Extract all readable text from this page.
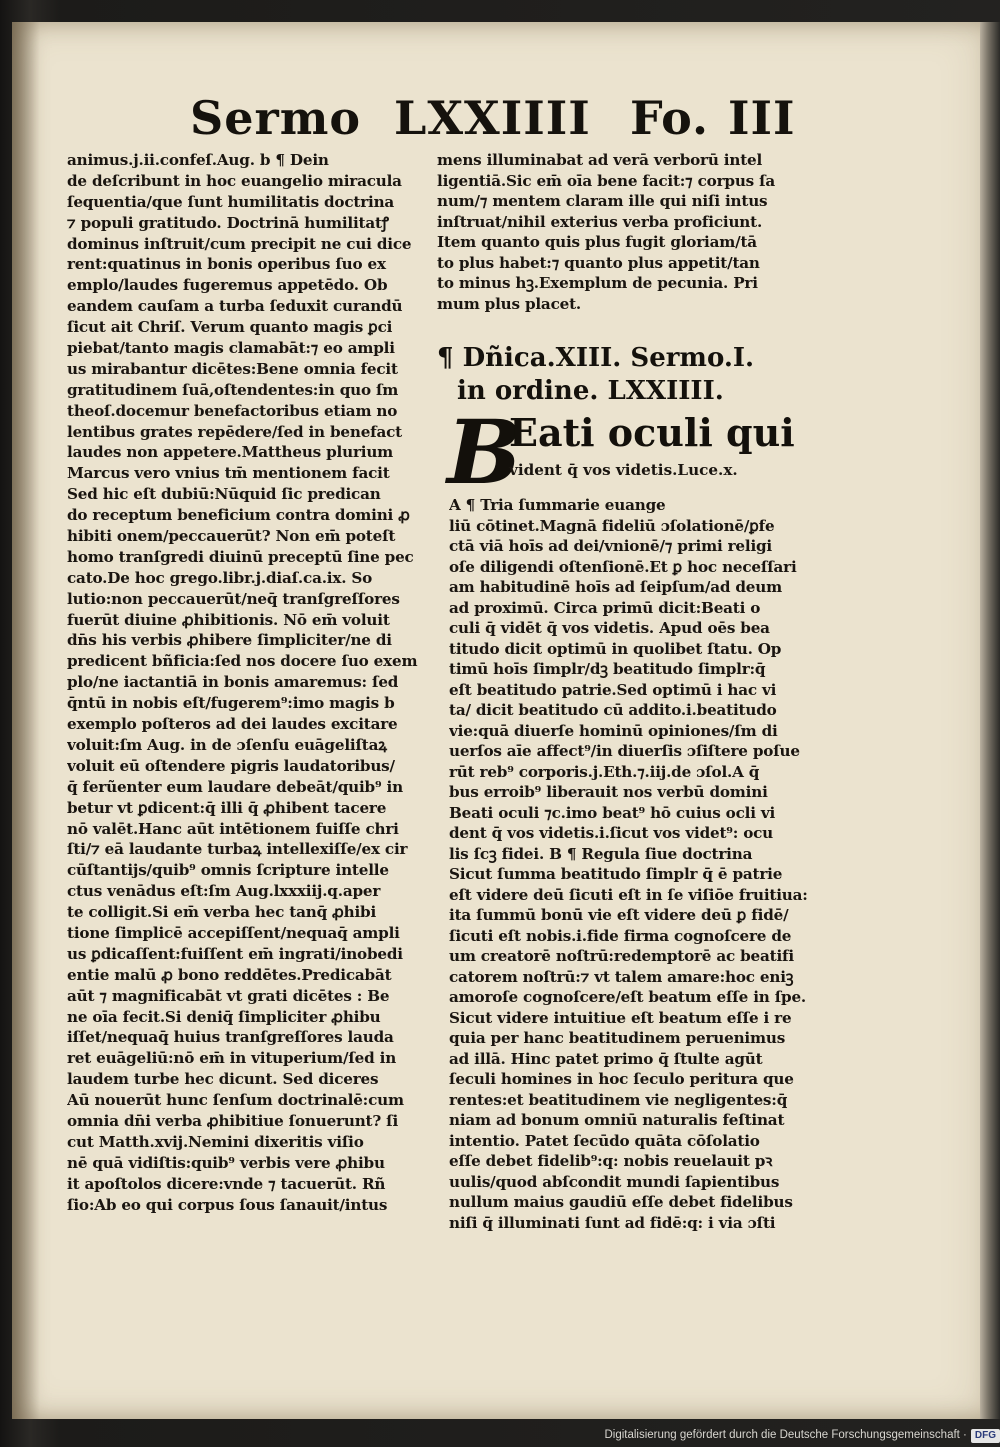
Sermo LXXIIII Fo. III
animus.j.ii.confeſ.Aug. b ¶ Dein
de deſcribunt in hoc euangelio miracula
ſequentia/que ſunt humilitatis doctrina
⁊ populi gratitudo. Doctrinā humilitatꝭ
dominus inſtruit/cum precipit ne cui dice
rent:quatinus in bonis operibus ſuo ex
emplo/laudes fugeremus appetēdo. Ob
eandem cauſam a turba ſeduxit curandū
ſicut ait Chriſ. Verum quanto magis ꝑci
piebat/tanto magis clamabāt:⁊ eo ampli
us mirabantur dicētes:Bene omnia fecit
gratitudinem ſuā,oſtendentes:in quo ſm
theoſ.docemur benefactoribus etiam no
lentibus grates repēdere/ſed in benefact
laudes non appetere.Mattheus plurium
Marcus vero vnius tm̄ mentionem facit
Sed hic eſt dubiū:Nūquid ſic predican
do receptum beneficium contra domini ꝓ
hibiti onem/peccauerūt? Non em̄ poteſt
homo tranſgredi diuinū preceptū ſine pec
cato.De hoc grego.libr.j.diaſ.ca.ix. So
lutio:non peccauerūt/neq̄ tranſgreſſores
fuerūt diuine ꝓhibitionis. Nō em̄ voluit
dn̄s his verbis ꝓhibere ſimpliciter/ne di
predicent bñficia:ſed nos docere ſuo exem
plo/ne iactantiā in bonis amaremus: ſed
q̄ntū in nobis eſt/fugerem⁹:imo magis b
exemplo poſteros ad dei laudes excitare
voluit:ſm Aug. in de ɔſenſu euāgeliſtaꝝ
voluit eū oſtendere pigris laudatoribus/
q̄ ferũenter eum laudare debeāt/quib⁹ in
betur vt ꝑdicent:q̄ illi q̄ ꝓhibent tacere
nō valēt.Hanc aūt intētionem fuiſſe chri
ſti/⁊ eā laudante turbaꝝ intellexiſſe/ex cir
cūſtantijs/quib⁹ omnis ſcripture intelle
ctus venādus eſt:ſm Aug.lxxxiij.q.aper
te colligit.Si em̄ verba hec tanq̄ ꝓhibi
tione ſimplicē accepiſſent/nequaq̄ ampli
us ꝑdicaſſent:fuiſſent em̄ ingrati/inobedi
entie malū ꝓ bono reddētes.Predicabāt
aūt ⁊ magnificabāt vt grati dicētes : Be
ne oīa fecit.Si deniq̄ ſimpliciter ꝓhibu
iſſet/nequaq̄ huius tranſgreſſores lauda
ret euāgeliū:nō em̄ in vituperium/ſed in
laudem turbe hec dicunt. Sed diceres
Aū nouerūt hunc ſenſum doctrinalē:cum
omnia dn̄i verba ꝓhibitiue ſonuerunt? ſi
cut Matth.xvij.Nemini dixeritis viſio
nē quā vidiſtis:quib⁹ verbis vere ꝓhibu
it apoſtolos dicere:vnde ⁊ tacuerūt. Rñ
ſio:Ab eo qui corpus ſous ſanauit/intus
mens illuminabat ad verā verborū intel
ligentiā.Sic em̄ oīa bene facit:⁊ corpus ſa
num/⁊ mentem claram ille qui niſi intus
inſtruat/nihil exterius verba proficiunt.
Item quanto quis plus fugit gloriam/tā
to plus habet:⁊ quanto plus appetit/tan
to minus hꝫ.Exemplum de pecunia. Pri
mum plus placet.
¶ Dñica.XIII. Sermo.I.
in ordine. LXXIIII.
B
Eati oculi qui
vident q̄ vos videtis.Luce.x.
A ¶ Tria ſummarie euange
liū cōtinet.Magnā fideliū ɔſolationē/ꝑfe
ctā viā hoīs ad dei/vnionē/⁊ primi religi
oſe diligendi oſtenſionē.Et ꝑ hoc neceſſari
am habitudinē hoīs ad ſeipſum/ad deum
ad proximū. Circa primū dicit:Beati o
culi q̄ vidēt q̄ vos videtis. Apud oēs bea
titudo dicit optimū in quolibet ſtatu. Op
timū hoīs ſimplr/dꝫ beatitudo ſimplr:q̄
eſt beatitudo patrie.Sed optimū i hac vi
ta/ dicit beatitudo cū addito.i.beatitudo
vie:quā diuerſe hominū opiniones/ſm di
uerſos aīe affect⁹/in diuerſis ɔſiſtere poſue
rūt reb⁹ corporis.j.Eth.⁊.iij.de ɔſol.A q̄
bus erroib⁹ liberauit nos verbū domini
Beati oculi ⁊c.imo beat⁹ hō cuius ocli vi
dent q̄ vos videtis.i.ſicut vos videt⁹: ocu
lis ſcꝫ fidei. B ¶ Regula ſiue doctrina
Sicut ſumma beatitudo ſimplr q̄ ē patrie
eſt videre deū ſicuti eſt in ſe viſiōe fruitiua:
ita ſummū bonū vie eſt videre deū ꝑ fidē/
ſicuti eſt nobis.i.fide firma cognoſcere de
um creatorē noſtrū:redemptorē ac beatifi
catorem noſtrū:⁊ vt talem amare:hoc eniꝫ
amoroſe cognoſcere/eſt beatum eſſe in ſpe.
Sicut videre intuitiue eſt beatum eſſe i re
quia per hanc beatitudinem peruenimus
ad illā. Hinc patet primo q̄ ſtulte agūt
ſeculi homines in hoc ſeculo peritura que
rentes:et beatitudinem vie negligentes:q̄
niam ad bonum omniū naturalis feſtinat
intentio. Patet ſecūdo quāta cōſolatio
eſſe debet fidelib⁹:q: nobis reuelauit pꝛ
uulis/quod abſcondit mundi ſapientibus
nullum maius gaudiū eſſe debet fidelibus
niſi q̄ illuminati ſunt ad fidē:q: i via ɔſti
Digitalisierung gefördert durch die Deutsche Forschungsgemeinschaft · DFG
